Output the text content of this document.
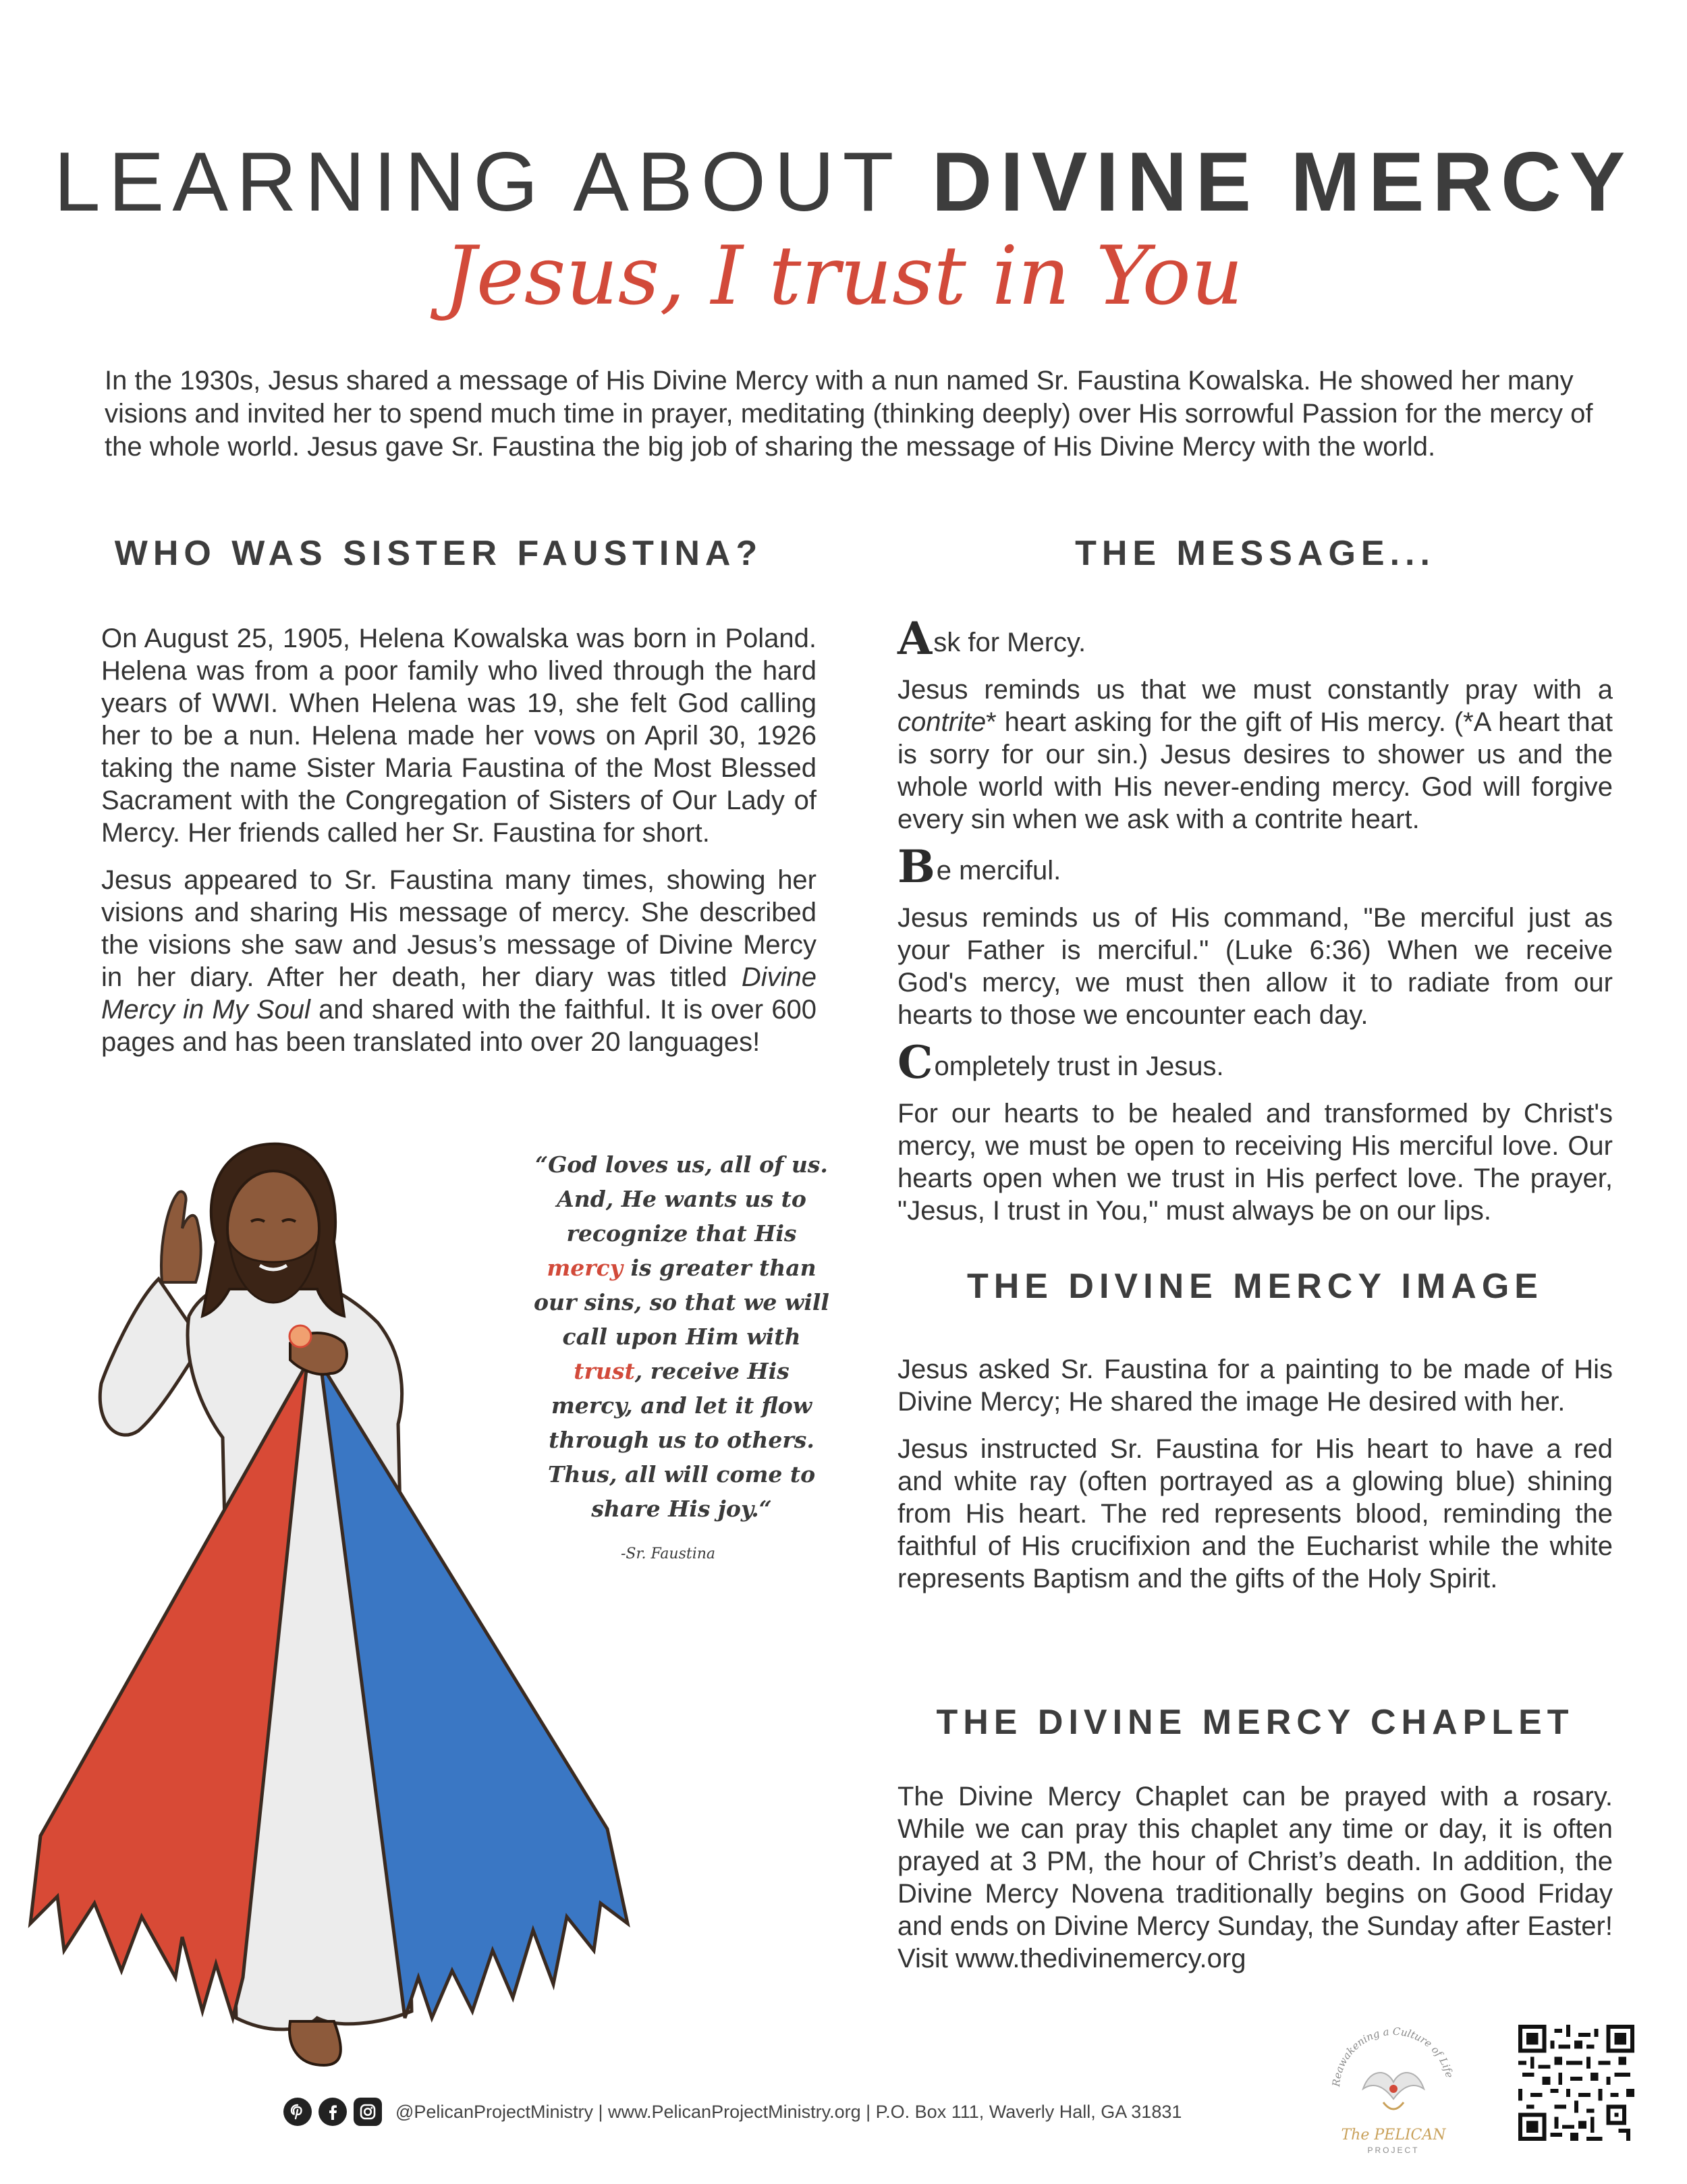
LEARNING ABOUT DIVINE MERCY
Jesus, I trust in You
In the 1930s, Jesus shared a message of His Divine Mercy with a nun named Sr. Faustina Kowalska. He showed her many visions and invited her to spend much time in prayer, meditating (thinking deeply) over His sorrowful Passion for the mercy of the whole world. Jesus gave Sr. Faustina the big job of sharing the message of His Divine Mercy with the world.
WHO WAS SISTER FAUSTINA?

On August 25, 1905, Helena Kowalska was born in Poland. Helena was from a poor family who lived through the hard years of WWI. When Helena was 19, she felt God calling her to be a nun. Helena made her vows on April 30, 1926 taking the name Sister Maria Faustina of the Most Blessed Sacrament with the Congregation of Sisters of Our Lady of Mercy. Her friends called her Sr. Faustina for short.

Jesus appeared to Sr. Faustina many times, showing her visions and sharing His message of mercy. She described the visions she saw and Jesus’s message of Divine Mercy in her diary. After her death, her diary was titled Divine Mercy in My Soul and shared with the faithful. It is over 600 pages and has been translated into over 20 languages!

“God loves us, all of us. And, He wants us to recognize that His mercy is greater than our sins, so that we will call upon Him with trust, receive His mercy, and let it flow through us to others. Thus, all will come to share His joy.“
-Sr. Faustina
THE MESSAGE...

Ask for Mercy.

Jesus reminds us that we must constantly pray with a contrite* heart asking for the gift of His mercy. (*A heart that is sorry for our sin.) Jesus desires to shower us and the whole world with His never-ending mercy. God will forgive every sin when we ask with a contrite heart.

Be merciful.

Jesus reminds us of His command, "Be merciful just as your Father is merciful." (Luke 6:36) When we receive God's mercy, we must then allow it to radiate from our hearts to those we encounter each day.

Completely trust in Jesus.

For our hearts to be healed and transformed by Christ's mercy, we must be open to receiving His merciful love. Our hearts open when we trust in His perfect love. The prayer, "Jesus, I trust in You," must always be on our lips.

THE DIVINE MERCY IMAGE

Jesus asked Sr. Faustina for a painting to be made of His Divine Mercy; He shared the image He desired with her.

Jesus instructed Sr. Faustina for His heart to have a red and white ray (often portrayed as a glowing blue) shining from His heart. The red represents blood, reminding the faithful of His crucifixion and the Eucharist while the white represents Baptism and the gifts of the Holy Spirit.

THE DIVINE MERCY CHAPLET

The Divine Mercy Chaplet can be prayed with a rosary. While we can pray this chaplet any time or day, it is often prayed at 3 PM, the hour of Christ’s death. In addition, the Divine Mercy Novena traditionally begins on Good Friday and ends on Divine Mercy Sunday, the Sunday after Easter! Visit www.thedivinemercy.org

@PelicanProjectMinistry | www.PelicanProjectMinistry.org | P.O. Box 111, Waverly Hall, GA 31831
Reawakening a Culture of Life
The PELICAN
PROJECT
